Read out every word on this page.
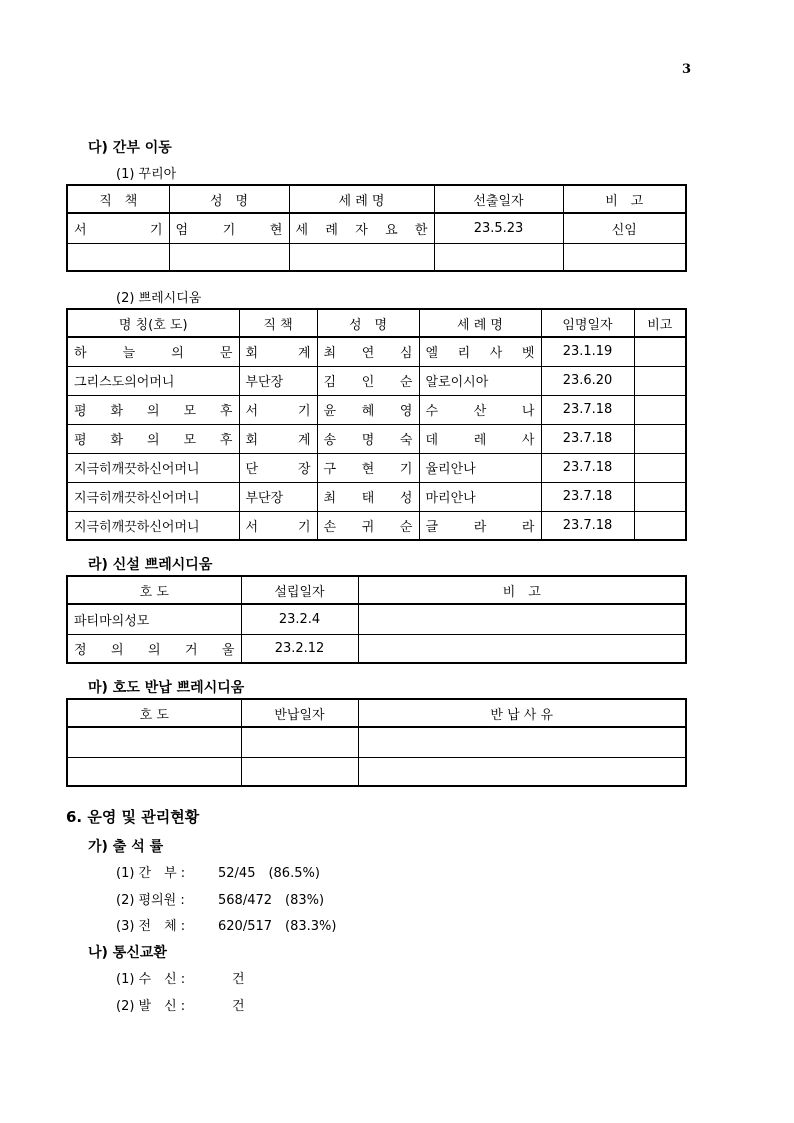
3
다) 간부 이동
(1) 꾸리아
직　책	성　명	세 례 명	선출일자	비　고
서 기	엄 기 현	세 례 자 요 한	23.5.23	신임

(2) 쁘레시디움
명 칭(호 도)	직 책	성　명	세 례 명	임명일자	비고
하 늘 의 문	회 계	최 연 심	엘 리 사 벳	23.1.19	
그리스도의어머니	부단장	김 인 순	알로이시아	23.6.20	
평 화 의 모 후	서 기	윤 혜 영	수 산 나	23.7.18	
평 화 의 모 후	회 계	송 명 숙	데 레 사	23.7.18	
지극히깨끗하신어머니	단 장	구 현 기	율리안나	23.7.18	
지극히깨끗하신어머니	부단장	최 태 성	마리안나	23.7.18	
지극히깨끗하신어머니	서 기	손 귀 순	글 라 라	23.7.18	
라) 신설 쁘레시디움
호 도	설립일자	비　고
파티마의성모	23.2.4	
정 의 의 거 울	23.2.12	
마) 호도 반납 쁘레시디움
호 도	반납일자	반 납 사 유

6. 운영 및 관리현황
가) 출 석 률
(1) 간　부 :	52/45　(86.5%)
(2) 평의원 :	568/472　(83%)
(3) 전　체 :	620/517　(83.3%)
나) 통신교환
(1) 수　신 :	건
(2) 발　신 :	건
